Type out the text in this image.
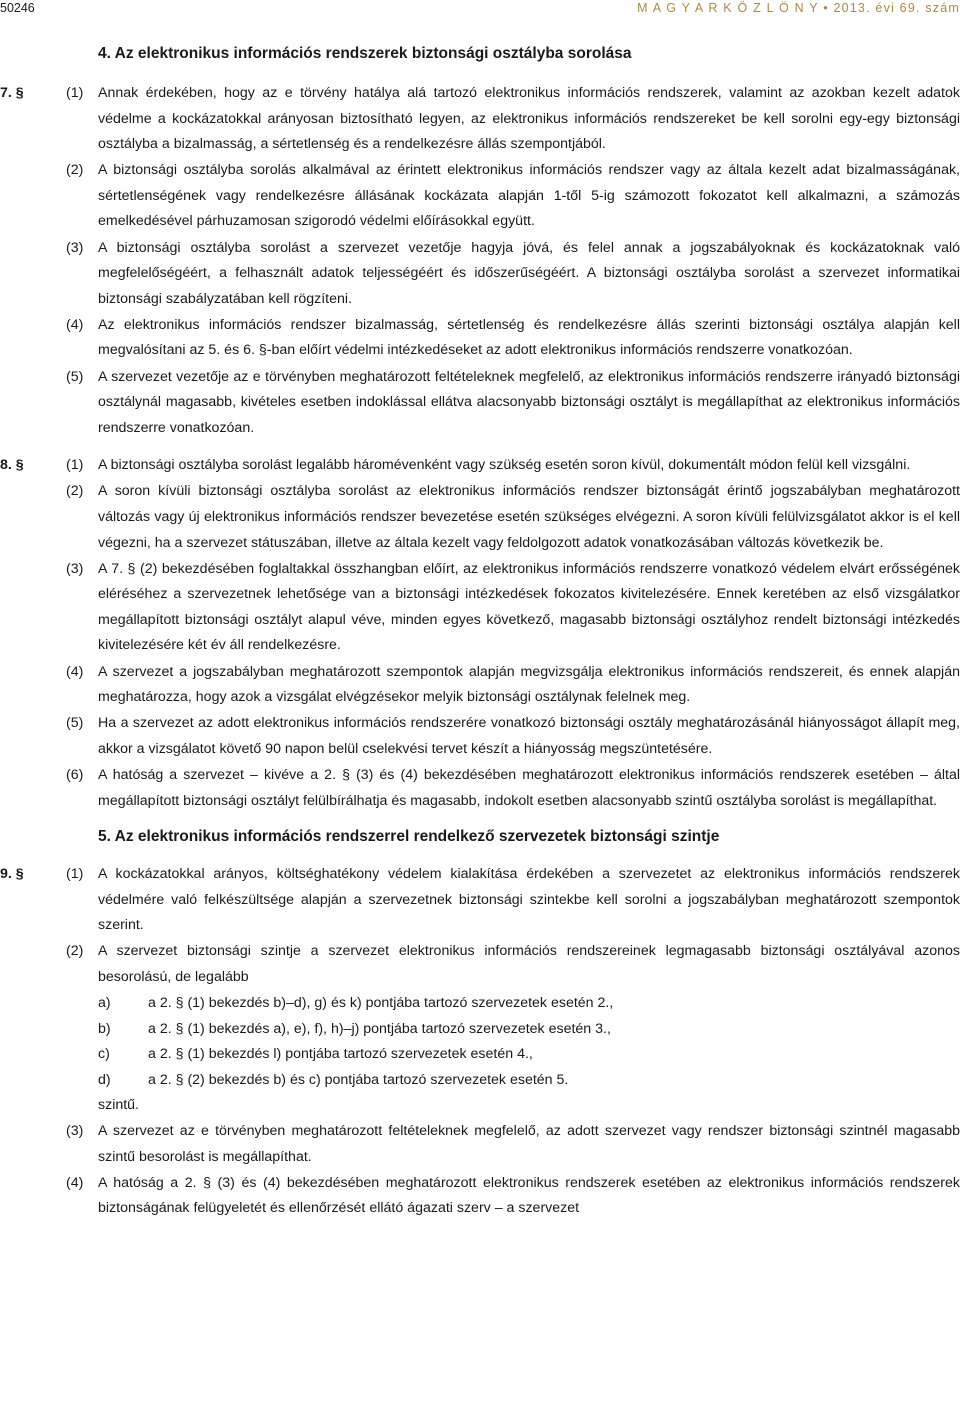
50246	M A G Y A R K Ö Z L Ö N Y • 2013. évi 69. szám
4. Az elektronikus információs rendszerek biztonsági osztályba sorolása
7. §	(1) Annak érdekében, hogy az e törvény hatálya alá tartozó elektronikus információs rendszerek, valamint az azokban kezelt adatok védelme a kockázatokkal arányosan biztosítható legyen, az elektronikus információs rendszereket be kell sorolni egy-egy biztonsági osztályba a bizalmasság, a sértetlenség és a rendelkezésre állás szempontjából.

(2) A biztonsági osztályba sorolás alkalmával az érintett elektronikus információs rendszer vagy az általa kezelt adat bizalmasságának, sértetlenségének vagy rendelkezésre állásának kockázata alapján 1-től 5-ig számozott fokozatot kell alkalmazni, a számozás emelkedésével párhuzamosan szigorodó védelmi előírásokkal együtt.

(3) A biztonsági osztályba sorolást a szervezet vezetője hagyja jóvá, és felel annak a jogszabályoknak és kockázatoknak való megfelelőségéért, a felhasznált adatok teljességéért és időszerűségéért. A biztonsági osztályba sorolást a szervezet informatikai biztonsági szabályzatában kell rögzíteni.

(4) Az elektronikus információs rendszer bizalmasság, sértetlenség és rendelkezésre állás szerinti biztonsági osztálya alapján kell megvalósítani az 5. és 6. §-ban előírt védelmi intézkedéseket az adott elektronikus információs rendszerre vonatkozóan.

(5) A szervezet vezetője az e törvényben meghatározott feltételeknek megfelelő, az elektronikus információs rendszerre irányadó biztonsági osztálynál magasabb, kivételes esetben indoklással ellátva alacsonyabb biztonsági osztályt is megállapíthat az elektronikus információs rendszerre vonatkozóan.

8. §	(1) A biztonsági osztályba sorolást legalább háromévenként vagy szükség esetén soron kívül, dokumentált módon felül kell vizsgálni.

(2) A soron kívüli biztonsági osztályba sorolást az elektronikus információs rendszer biztonságát érintő jogszabályban meghatározott változás vagy új elektronikus információs rendszer bevezetése esetén szükséges elvégezni. A soron kívüli felülvizsgálatot akkor is el kell végezni, ha a szervezet státuszában, illetve az általa kezelt vagy feldolgozott adatok vonatkozásában változás következik be.

(3) A 7. § (2) bekezdésében foglaltakkal összhangban előírt, az elektronikus információs rendszerre vonatkozó védelem elvárt erősségének eléréséhez a szervezetnek lehetősége van a biztonsági intézkedések fokozatos kivitelezésére. Ennek keretében az első vizsgálatkor megállapított biztonsági osztályt alapul véve, minden egyes következő, magasabb biztonsági osztályhoz rendelt biztonsági intézkedés kivitelezésére két év áll rendelkezésre.

(4) A szervezet a jogszabályban meghatározott szempontok alapján megvizsgálja elektronikus információs rendszereit, és ennek alapján meghatározza, hogy azok a vizsgálat elvégzésekor melyik biztonsági osztálynak felelnek meg.

(5) Ha a szervezet az adott elektronikus információs rendszerére vonatkozó biztonsági osztály meghatározásánál hiányosságot állapít meg, akkor a vizsgálatot követő 90 napon belül cselekvési tervet készít a hiányosság megszüntetésére.

(6) A hatóság a szervezet – kivéve a 2. § (3) és (4) bekezdésében meghatározott elektronikus információs rendszerek esetében – által megállapított biztonsági osztályt felülbírálhatja és magasabb, indokolt esetben alacsonyabb szintű osztályba sorolást is megállapíthat.

5. Az elektronikus információs rendszerrel rendelkező szervezetek biztonsági szintje
9. §	(1) A kockázatokkal arányos, költséghatékony védelem kialakítása érdekében a szervezetet az elektronikus információs rendszerek védelmére való felkészültsége alapján a szervezetnek biztonsági szintekbe kell sorolni a jogszabályban meghatározott szempontok szerint.

(2) A szervezet biztonsági szintje a szervezet elektronikus információs rendszereinek legmagasabb biztonsági osztályával azonos besorolású, de legalább

a)	a 2. § (1) bekezdés b)–d), g) és k) pontjába tartozó szervezetek esetén 2.,
b)	a 2. § (1) bekezdés a), e), f), h)–j) pontjába tartozó szervezetek esetén 3.,
c)	a 2. § (1) bekezdés l) pontjába tartozó szervezetek esetén 4.,
d)	a 2. § (2) bekezdés b) és c) pontjába tartozó szervezetek esetén 5.
szintű.

(3) A szervezet az e törvényben meghatározott feltételeknek megfelelő, az adott szervezet vagy rendszer biztonsági szintnél magasabb szintű besorolást is megállapíthat.

(4) A hatóság a 2. § (3) és (4) bekezdésében meghatározott elektronikus rendszerek esetében az elektronikus információs rendszerek biztonságának felügyeletét és ellenőrzését ellátó ágazati szerv – a szervezet
